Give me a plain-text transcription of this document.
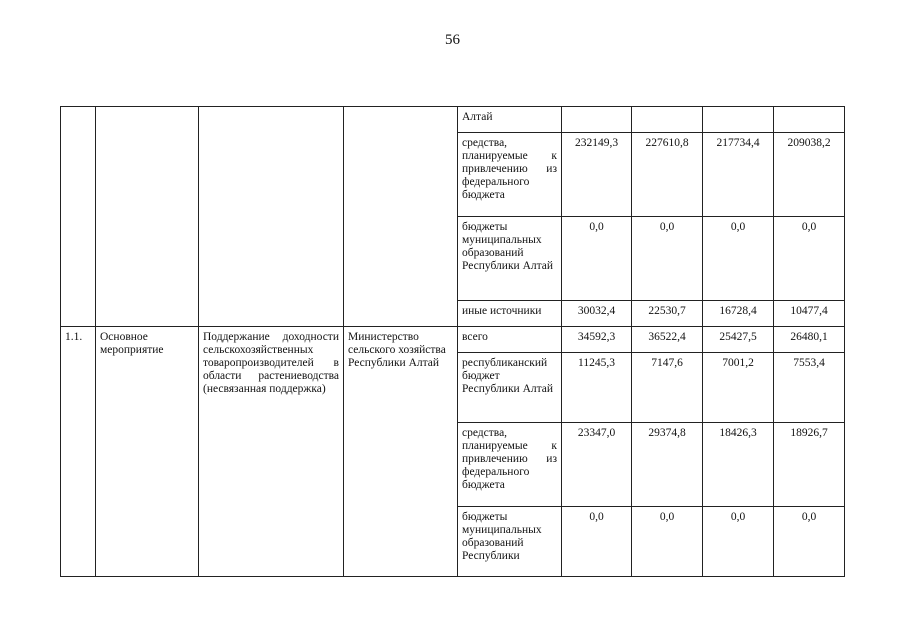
56
				Алтай				
				средства, планируемые к привлечению из федерального бюджета	232149,3	227610,8	217734,4	209038,2
				бюджеты муниципальных образований Республики Алтай	0,0	0,0	0,0	0,0
				иные источники	30032,4	22530,7	16728,4	10477,4
1.1.	Основное мероприятие	Поддержание доходности сельскохозяйственных товаропроизводителей в области растениеводства (несвязанная поддержка)	Министерство сельского хозяйства Республики Алтай	всего	34592,3	36522,4	25427,5	26480,1
				республиканский бюджет Республики Алтай	11245,3	7147,6	7001,2	7553,4
				средства, планируемые к привлечению из федерального бюджета	23347,0	29374,8	18426,3	18926,7
				бюджеты муниципальных образований Республики	0,0	0,0	0,0	0,0
